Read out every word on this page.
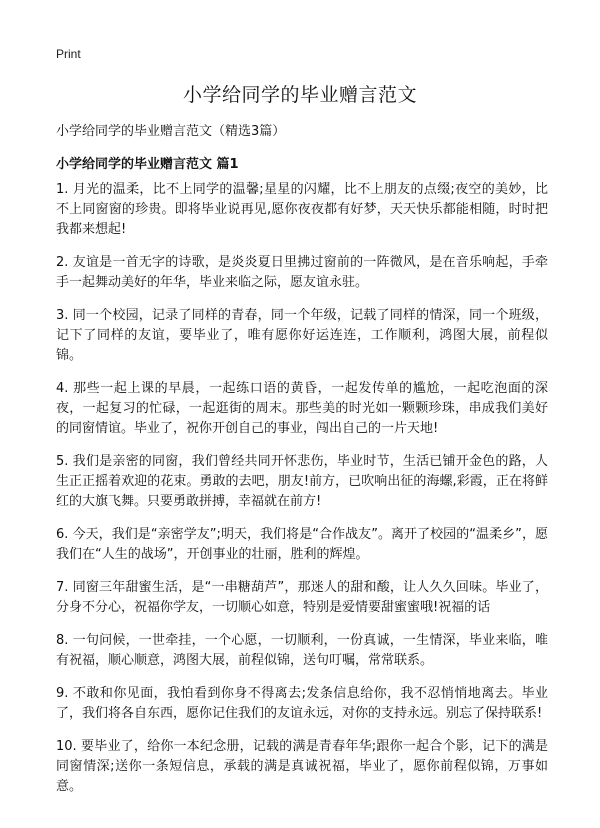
Print
小学给同学的毕业赠言范文
小学给同学的毕业赠言范文（精选3篇）
小学给同学的毕业赠言范文 篇1

1. 月光的温柔，比不上同学的温馨;星星的闪耀，比不上朋友的点缀;夜空的美妙，比不上同窗窗的珍贵。即将毕业说再见,愿你夜夜都有好梦，天天快乐都能相随，时时把我都来想起!

2. 友谊是一首无字的诗歌，是炎炎夏日里拂过窗前的一阵微风，是在音乐响起，手牵手一起舞动美好的年华，毕业来临之际，愿友谊永驻。

3. 同一个校园，记录了同样的青春，同一个年级，记载了同样的情深，同一个班级，记下了同样的友谊，要毕业了，唯有愿你好运连连，工作顺利，鸿图大展，前程似锦。

4. 那些一起上课的早晨，一起练口语的黄昏，一起发传单的尴尬，一起吃泡面的深夜，一起复习的忙碌，一起逛街的周末。那些美的时光如一颗颗珍珠，串成我们美好的同窗情谊。毕业了，祝你开创自己的事业，闯出自己的一片天地!

5. 我们是亲密的同窗，我们曾经共同开怀悲伤，毕业时节，生活已铺开金色的路，人生正正摇着欢迎的花束。勇敢的去吧，朋友!前方，已吹响出征的海螺,彩霞，正在将鲜红的大旗飞舞。只要勇敢拼搏，幸福就在前方!

6. 今天，我们是“亲密学友”;明天，我们将是“合作战友”。离开了校园的“温柔乡”，愿我们在“人生的战场”，开创事业的壮丽，胜利的辉煌。

7. 同窗三年甜蜜生活，是“一串糖葫芦”，那迷人的甜和酸，让人久久回味。毕业了，分身不分心，祝福你学友，一切顺心如意，特别是爱情要甜蜜蜜哦!祝福的话

8. 一句问候，一世牵挂，一个心愿，一切顺利，一份真诚，一生情深，毕业来临，唯有祝福，顺心顺意，鸿图大展，前程似锦，送句叮嘱，常常联系。

9. 不敢和你见面，我怕看到你身不得离去;发条信息给你，我不忍悄悄地离去。毕业了，我们将各自东西，愿你记住我们的友谊永远，对你的支持永远。别忘了保持联系!

10. 要毕业了，给你一本纪念册，记载的满是青春年华;跟你一起合个影，记下的满是同窗情深;送你一条短信息，承载的满是真诚祝福，毕业了，愿你前程似锦，万事如意。
